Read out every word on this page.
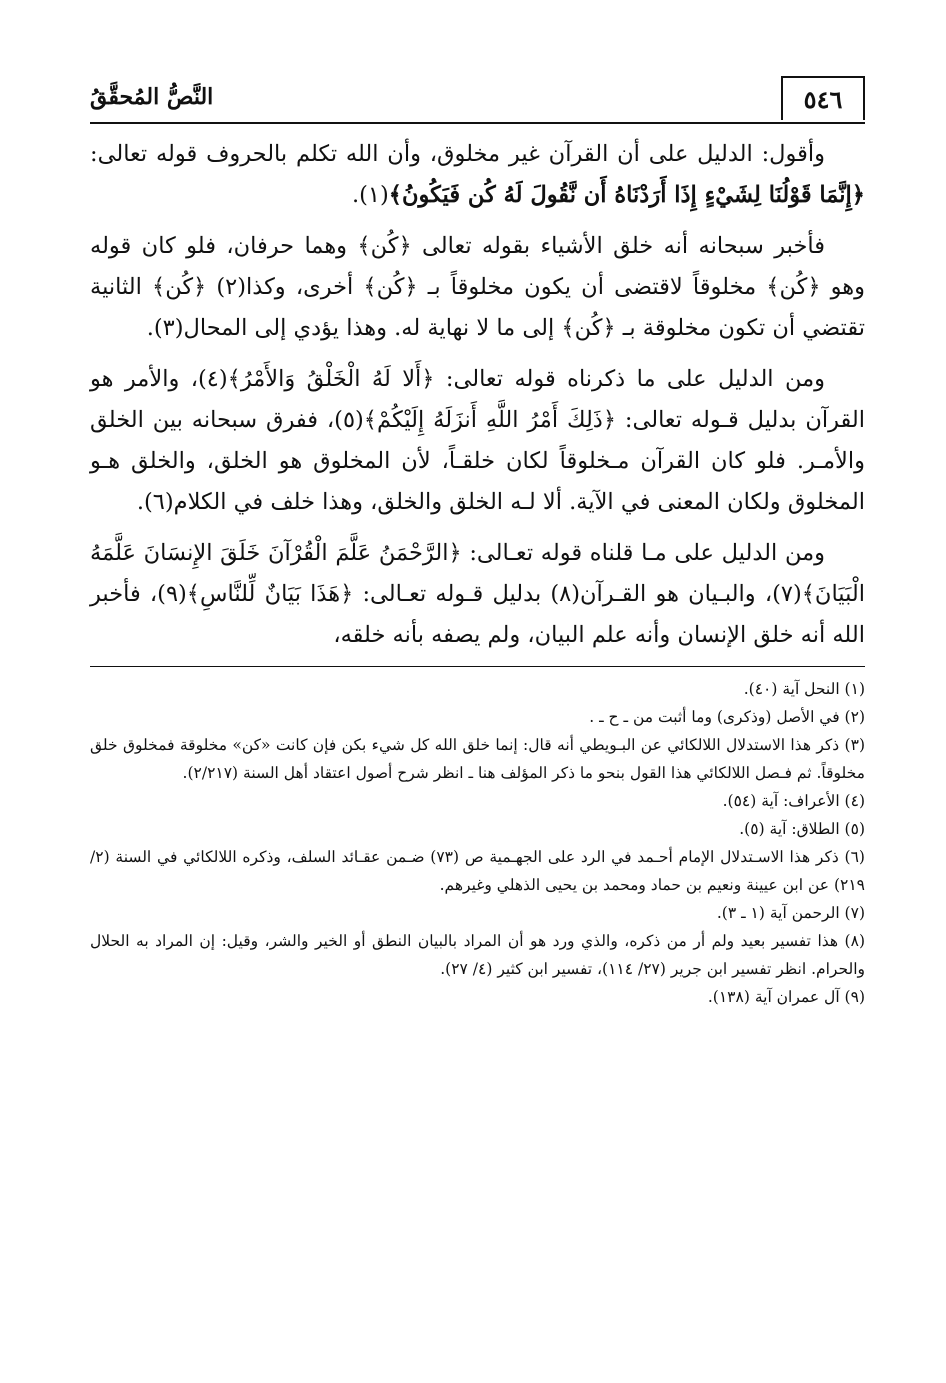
٥٤٦
النَّصُّ المُحقَّقُ

وأقول: الدليل على أن القرآن غير مخلوق، وأن الله تكلم بالحروف قوله تعالى: ﴿إِنَّمَا قَوْلُنَا لِشَيْءٍ إِذَا أَرَدْنَاهُ أَن نَّقُولَ لَهُ كُن فَيَكُونُ﴾(١).

فأخبر سبحانه أنه خلق الأشياء بقوله تعالى ﴿كُن﴾ وهما حرفان، فلو كان قوله وهو ﴿كُن﴾ مخلوقاً لاقتضى أن يكون مخلوقاً بـ ﴿كُن﴾ أخرى، وكذا(٢) ﴿كُن﴾ الثانية تقتضي أن تكون مخلوقة بـ ﴿كُن﴾ إلى ما لا نهاية له. وهذا يؤدي إلى المحال(٣).

ومن الدليل على ما ذكرناه قوله تعالى: ﴿أَلا لَهُ الْخَلْقُ وَالأَمْرُ﴾(٤)، والأمر هو القرآن بدليل قـوله تعالى: ﴿ذَلِكَ أَمْرُ اللَّهِ أَنزَلَهُ إِلَيْكُمْ﴾(٥)، ففرق سبحانه بين الخلق والأمـر. فلو كان القرآن مـخلوقاً لكان خلقـاً، لأن المخلوق هو الخلق، والخلق هـو المخلوق ولكان المعنى في الآية. ألا لـه الخلق والخلق، وهذا خلف في الكلام(٦).

ومن الدليل على مـا قلناه قوله تعـالى: ﴿الرَّحْمَنُ عَلَّمَ الْقُرْآنَ خَلَقَ الإِنسَانَ عَلَّمَهُ الْبَيَانَ﴾(٧)، والبـيان هو القـرآن(٨) بدليل قـوله تعـالى: ﴿هَذَا بَيَانٌ لِّلنَّاسِ﴾(٩)، فأخبر الله أنه خلق الإنسان وأنه علم البيان، ولم يصفه بأنه خلقه،

(١) النحل آية (٤٠).

(٢) في الأصل (وذكرى) وما أثبت من ـ ح ـ .

(٣) ذكر هذا الاستدلال اللالكائي عن البـويطي أنه قال: إنما خلق الله كل شيء بكن فإن كانت «كن» مخلوقة فمخلوق خلق مخلوقاً. ثم فـصل اللالكائي هذا القول بنحو ما ذكر المؤلف هنا ـ انظر شرح أصول اعتقاد أهل السنة (٢/٢١٧).

(٤) الأعراف: آية (٥٤).

(٥) الطلاق: آية (٥).

(٦) ذكر هذا الاسـتدلال الإمام أحـمد في الرد على الجهـمية ص (٧٣) ضـمن عقـائد السلف، وذكره اللالكائي في السنة (٢/ ٢١٩) عن ابن عيينة ونعيم بن حماد ومحمد بن يحيى الذهلي وغيرهم.

(٧) الرحمن آية (١ ـ ٣).

(٨) هذا تفسير بعيد ولم أر من ذكره، والذي ورد هو أن المراد بالبيان النطق أو الخير والشر، وقيل: إن المراد به الحلال والحرام. انظر تفسير ابن جرير (٢٧/ ١١٤)، تفسير ابن كثير (٤/ ٢٧).

(٩) آل عمران آية (١٣٨).
